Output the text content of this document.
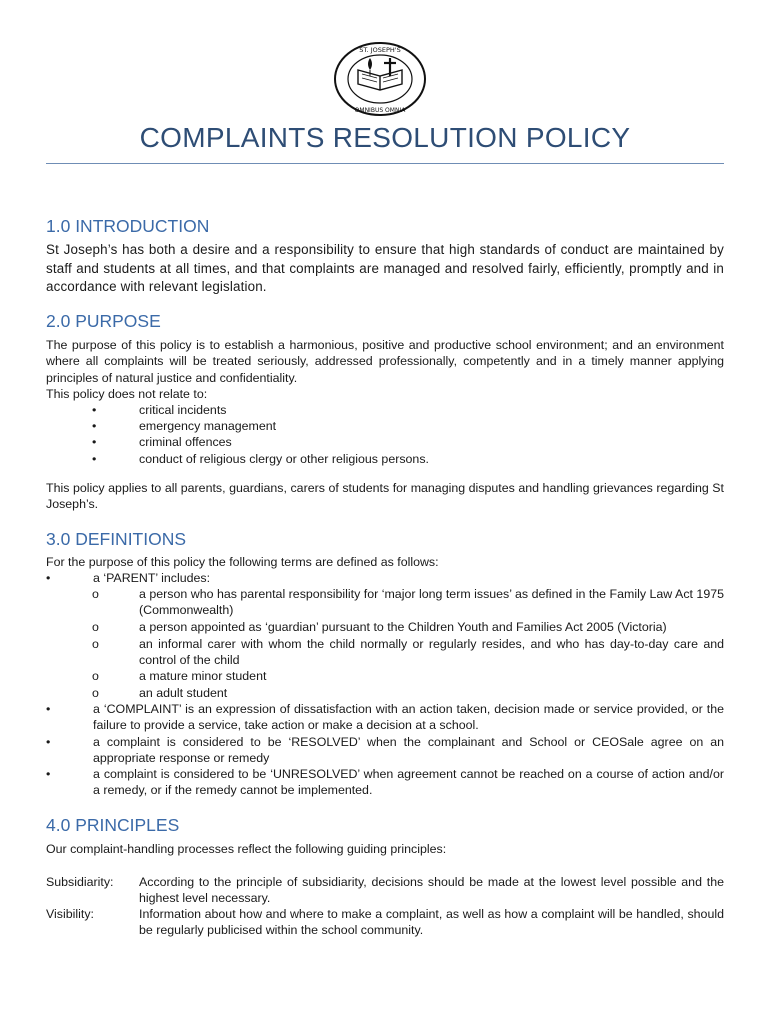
ST. JOSEPH'S
OMNIBUS OMNIA
COMPLAINTS RESOLUTION POLICY
1.0 INTRODUCTION

St Joseph’s has both a desire and a responsibility to ensure that high standards of conduct are maintained by staff and students at all times, and that complaints are managed and resolved fairly, efficiently, promptly and in accordance with relevant legislation.

2.0 PURPOSE

The purpose of this policy is to establish a harmonious, positive and productive school environment; and an environment where all complaints will be treated seriously, addressed professionally, competently and in a timely manner applying principles of natural justice and confidentiality.

This policy does not relate to:

•	critical incidents
•	emergency management
•	criminal offences
•	conduct of religious clergy or other religious persons.

This policy applies to all parents, guardians, carers of students for managing disputes and handling grievances regarding St Joseph’s.

3.0 DEFINITIONS

For the purpose of this policy the following terms are defined as follows:

•	a ‘PARENT’ includes:
o	a person who has parental responsibility for ‘major long term issues’ as defined in the Family Law Act 1975 (Commonwealth)
o	a person appointed as ‘guardian’ pursuant to the Children Youth and Families Act 2005 (Victoria)
o	an informal carer with whom the child normally or regularly resides, and who has day-to-day care and control of the child
o	a mature minor student
o	an adult student
•	a ‘COMPLAINT’ is an expression of dissatisfaction with an action taken, decision made or service provided, or the failure to provide a service, take action or make a decision at a school.
•	a complaint is considered to be ‘RESOLVED’ when the complainant and School or CEOSale agree on an appropriate response or remedy
•	a complaint is considered to be ‘UNRESOLVED’ when agreement cannot be reached on a course of action and/or a remedy, or if the remedy cannot be implemented.
4.0 PRINCIPLES

Our complaint-handling processes reflect the following guiding principles:

Subsidiarity: According to the principle of subsidiarity, decisions should be made at the lowest level possible and the highest level necessary.
Visibility:	Information about how and where to make a complaint, as well as how a complaint will be handled, should be regularly publicised within the school community.
